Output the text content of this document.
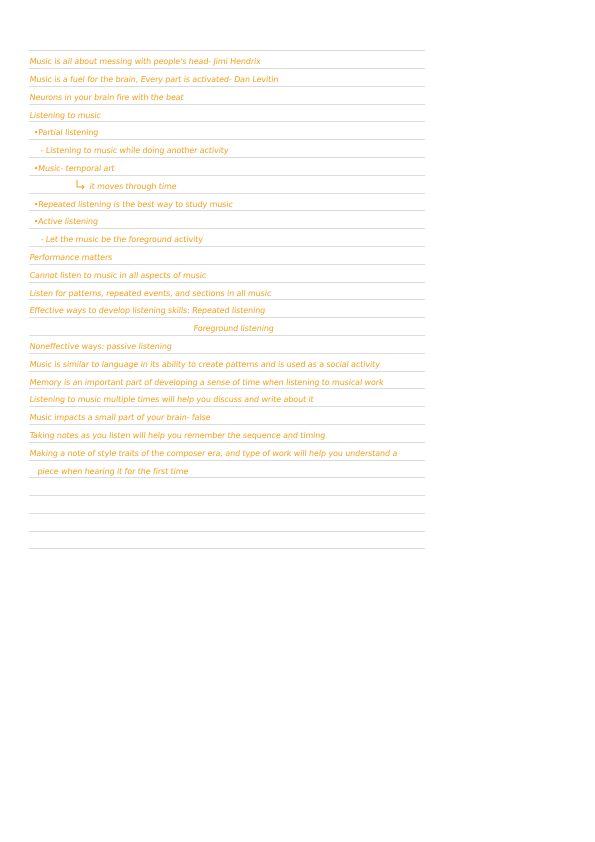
Music is all about messing with people's head- Jimi Hendrix
Music is a fuel for the brain, Every part is activated- Dan Levitin
Neurons in your brain fire with the beat
Listening to music
•Partial listening
- Listening to music while doing another activity
•Music- temporal art
it moves through time
•Repeated listening is the best way to study music
•Active listening
- Let the music be the foreground activity
Performance matters
Cannot listen to music in all aspects of music
Listen for patterns, repeated events, and sections in all music
Effective ways to develop listening skills: Repeated listening
Foreground listening
Noneffective ways: passive listening
Music is similar to language in its ability to create patterns and is used as a social activity
Memory is an important part of developing a sense of time when listening to musical work
Listening to music multiple times will help you discuss and write about it
Music impacts a small part of your brain- false
Taking notes as you listen will help you remember the sequence and timing
Making a note of style traits of the composer era, and type of work will help you understand a
piece when hearing it for the first time
